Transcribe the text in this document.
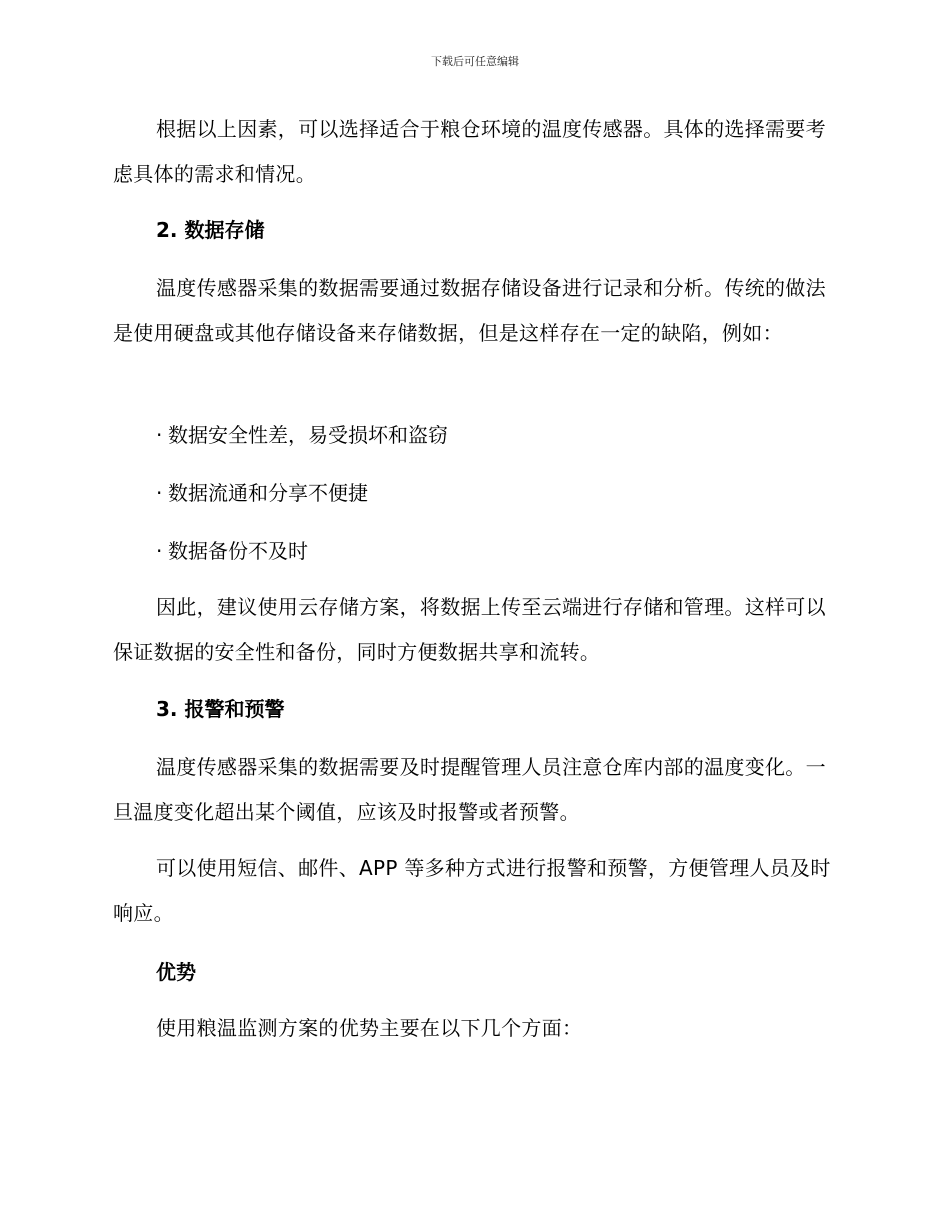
下载后可任意编辑

根据以上因素，可以选择适合于粮仓环境的温度传感器。具体的选择需要考虑具体的需求和情况。

2. 数据存储

温度传感器采集的数据需要通过数据存储设备进行记录和分析。传统的做法是使用硬盘或其他存储设备来存储数据，但是这样存在一定的缺陷，例如：

· 数据安全性差，易受损坏和盗窃

· 数据流通和分享不便捷

· 数据备份不及时

因此，建议使用云存储方案，将数据上传至云端进行存储和管理。这样可以保证数据的安全性和备份，同时方便数据共享和流转。

3. 报警和预警

温度传感器采集的数据需要及时提醒管理人员注意仓库内部的温度变化。一旦温度变化超出某个阈值，应该及时报警或者预警。

可以使用短信、邮件、APP 等多种方式进行报警和预警，方便管理人员及时响应。

优势

使用粮温监测方案的优势主要在以下几个方面：
